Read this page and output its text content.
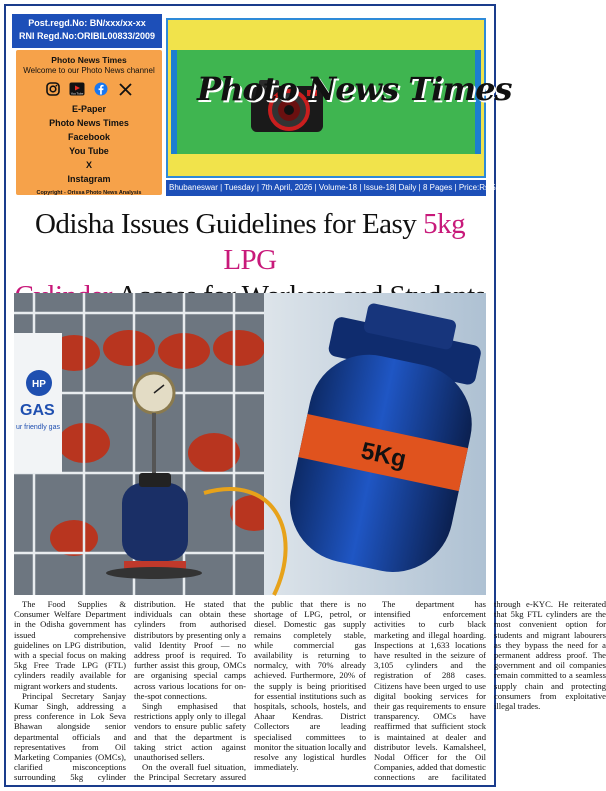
Post.regd.No: BN/xxx/xx-xx
RNI Regd.No:ORIBIL00833/2009
Photo News Times
Welcome to our Photo News channel
You Tube
E-Paper
Photo News Times
Facebook
You Tube
X
Instagram
Copyright - Orissa Photo News Analysis
Photo News Times
Bhubaneswar | Tuesday | 7th April, 2026 | Volume-18 | Issue-18| Daily | 8 Pages | Price:Rs.5/-
Odisha Issues Guidelines for Easy 5kg LPG

HP
GAS
ur friendly gas
5Kg

The Food Supplies & Consumer Welfare Department in the Odisha government has issued comprehensive guidelines on LPG distribution, with a special focus on making 5kg Free Trade LPG (FTL) cylinders readily available for migrant workers and students.

Principal Secretary Sanjay Kumar Singh, addressing a press conference in Lok Seva Bhawan alongside senior departmental officials and representatives from Oil Marketing Companies (OMCs), clarified misconceptions surrounding 5kg cylinder distribution. He stated that individuals can obtain these cylinders from authorised distributors by presenting only a valid Identity Proof — no address proof is required. To further assist this group, OMCs are organising special camps across various locations for on-the-spot connections.

Singh emphasised that restrictions apply only to illegal vendors to ensure public safety and that the department is taking strict action against unauthorised sellers.

On the overall fuel situation, the Principal Secretary assured the public that there is no shortage of LPG, petrol, or diesel. Domestic gas supply remains completely stable, while commercial gas availability is returning to normalcy, with 70% already achieved. Furthermore, 20% of the supply is being prioritised for essential institutions such as hospitals, schools, hostels, and Ahaar Kendras. District Collectors are leading specialised committees to monitor the situation locally and resolve any logistical hurdles immediately.

The department has intensified enforcement activities to curb black marketing and illegal hoarding. Inspections at 1,633 locations have resulted in the seizure of 3,105 cylinders and the registration of 288 cases. Citizens have been urged to use digital booking services for their gas requirements to ensure transparency. OMCs have reaffirmed that sufficient stock is maintained at dealer and distributor levels. Kamalsheel, Nodal Officer for the Oil Companies, added that domestic connections are facilitated through e-KYC. He reiterated that 5kg FTL cylinders are the most convenient option for students and migrant labourers as they bypass the need for a permanent address proof. The government and oil companies remain committed to a seamless supply chain and protecting consumers from exploitative illegal trades.
